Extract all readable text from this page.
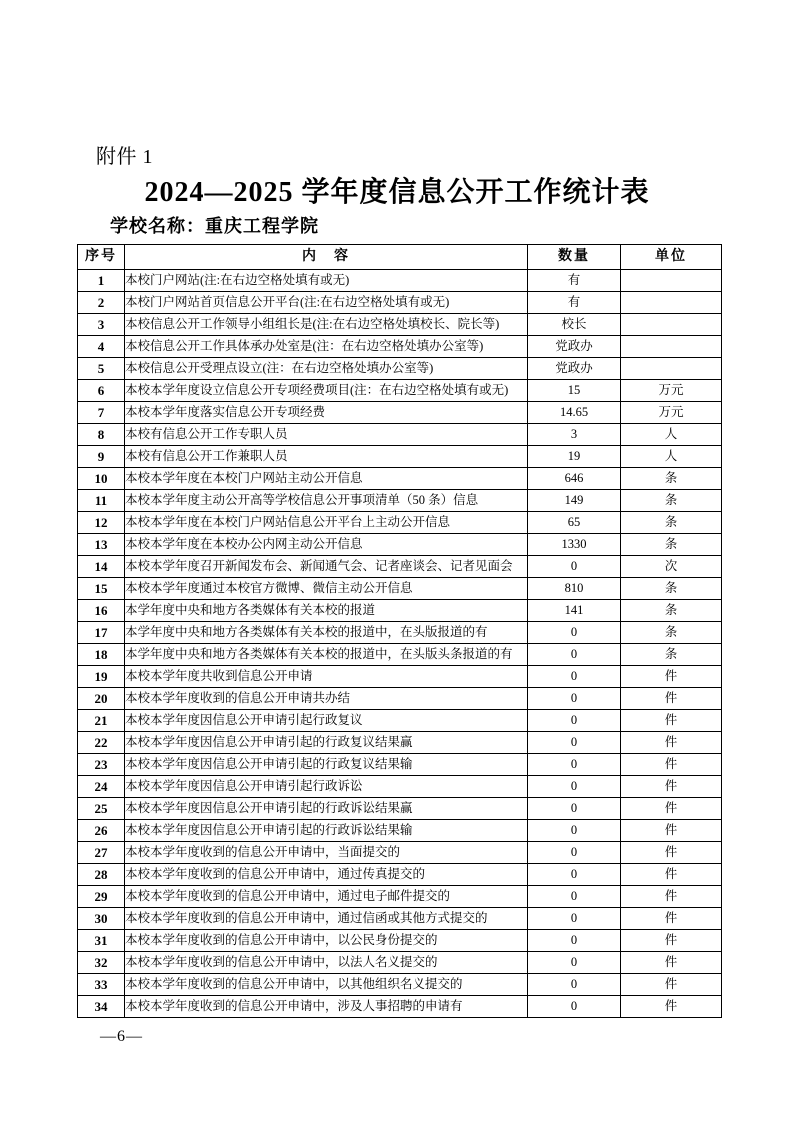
附件 1
2024—2025 学年度信息公开工作统计表
学校名称：重庆工程学院
序号	内　容	数量	单位
1	本校门户网站(注:在右边空格处填有或无)	有	
2	本校门户网站首页信息公开平台(注:在右边空格处填有或无)	有	
3	本校信息公开工作领导小组组长是(注:在右边空格处填校长、院长等)	校长	
4	本校信息公开工作具体承办处室是(注：在右边空格处填办公室等)	党政办	
5	本校信息公开受理点设立(注：在右边空格处填办公室等)	党政办	
6	本校本学年度设立信息公开专项经费项目(注：在右边空格处填有或无)	15	万元
7	本校本学年度落实信息公开专项经费	14.65	万元
8	本校有信息公开工作专职人员	3	人
9	本校有信息公开工作兼职人员	19	人
10	本校本学年度在本校门户网站主动公开信息	646	条
11	本校本学年度主动公开高等学校信息公开事项清单（50 条）信息	149	条
12	本校本学年度在本校门户网站信息公开平台上主动公开信息	65	条
13	本校本学年度在本校办公内网主动公开信息	1330	条
14	本校本学年度召开新闻发布会、新闻通气会、记者座谈会、记者见面会	0	次
15	本校本学年度通过本校官方微博、微信主动公开信息	810	条
16	本学年度中央和地方各类媒体有关本校的报道	141	条
17	本学年度中央和地方各类媒体有关本校的报道中，在头版报道的有	0	条
18	本学年度中央和地方各类媒体有关本校的报道中，在头版头条报道的有	0	条
19	本校本学年度共收到信息公开申请	0	件
20	本校本学年度收到的信息公开申请共办结	0	件
21	本校本学年度因信息公开申请引起行政复议	0	件
22	本校本学年度因信息公开申请引起的行政复议结果赢	0	件
23	本校本学年度因信息公开申请引起的行政复议结果输	0	件
24	本校本学年度因信息公开申请引起行政诉讼	0	件
25	本校本学年度因信息公开申请引起的行政诉讼结果赢	0	件
26	本校本学年度因信息公开申请引起的行政诉讼结果输	0	件
27	本校本学年度收到的信息公开申请中，当面提交的	0	件
28	本校本学年度收到的信息公开申请中，通过传真提交的	0	件
29	本校本学年度收到的信息公开申请中，通过电子邮件提交的	0	件
30	本校本学年度收到的信息公开申请中，通过信函或其他方式提交的	0	件
31	本校本学年度收到的信息公开申请中，以公民身份提交的	0	件
32	本校本学年度收到的信息公开申请中，以法人名义提交的	0	件
33	本校本学年度收到的信息公开申请中，以其他组织名义提交的	0	件
34	本校本学年度收到的信息公开申请中，涉及人事招聘的申请有	0	件
—6—
